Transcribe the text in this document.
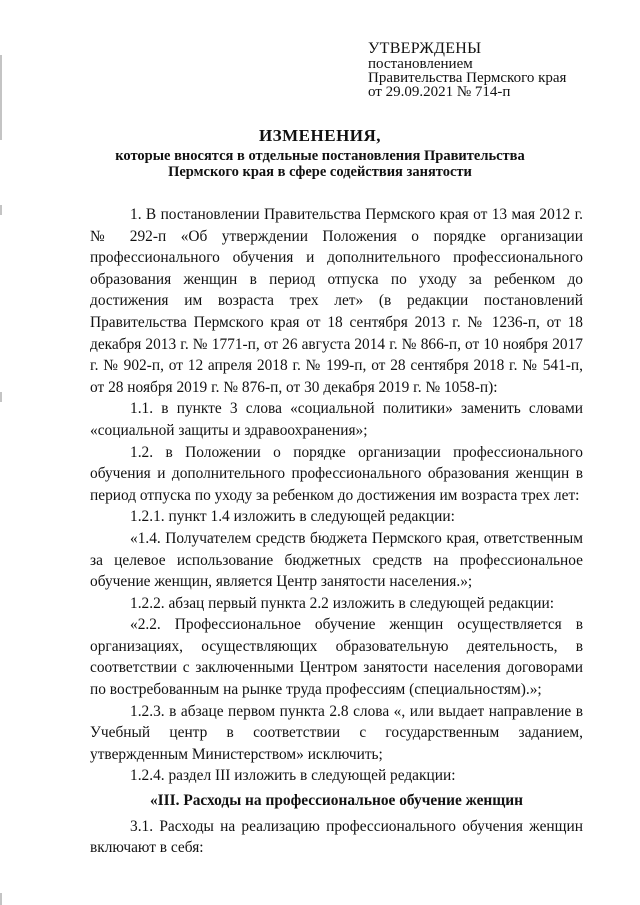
УТВЕРЖДЕНЫ
постановлением
Правительства Пермского края
от 29.09.2021 № 714-п
ИЗМЕНЕНИЯ,
которые вносятся в отдельные постановления Правительства
Пермского края в сфере содействия занятости

1. В постановлении Правительства Пермского края от 13 мая 2012 г. № 292-п «Об утверждении Положения о порядке организации профессионального обучения и дополнительного профессионального образования женщин в период отпуска по уходу за ребенком до достижения им возраста трех лет» (в редакции постановлений Правительства Пермского края от 18 сентября 2013 г. № 1236-п, от 18 декабря 2013 г. № 1771-п, от 26 августа 2014 г. № 866-п, от 10 ноября 2017 г. № 902-п, от 12 апреля 2018 г. № 199-п, от 28 сентября 2018 г. № 541-п, от 28 ноября 2019 г. № 876-п, от 30 декабря 2019 г. № 1058-п):

1.1. в пункте 3 слова «социальной политики» заменить словами «социальной защиты и здравоохранения»;

1.2. в Положении о порядке организации профессионального обучения и дополнительного профессионального образования женщин в период отпуска по уходу за ребенком до достижения им возраста трех лет:

1.2.1. пункт 1.4 изложить в следующей редакции:

«1.4. Получателем средств бюджета Пермского края, ответственным за целевое использование бюджетных средств на профессиональное обучение женщин, является Центр занятости населения.»;

1.2.2. абзац первый пункта 2.2 изложить в следующей редакции:

«2.2. Профессиональное обучение женщин осуществляется в организациях, осуществляющих образовательную деятельность, в соответствии с заключенными Центром занятости населения договорами по востребованным на рынке труда профессиям (специальностям).»;

1.2.3. в абзаце первом пункта 2.8 слова «, или выдает направление в Учебный центр в соответствии с государственным заданием, утвержденным Министерством» исключить;

1.2.4. раздел III изложить в следующей редакции:

«III. Расходы на профессиональное обучение женщин

3.1. Расходы на реализацию профессионального обучения женщин включают в себя:
